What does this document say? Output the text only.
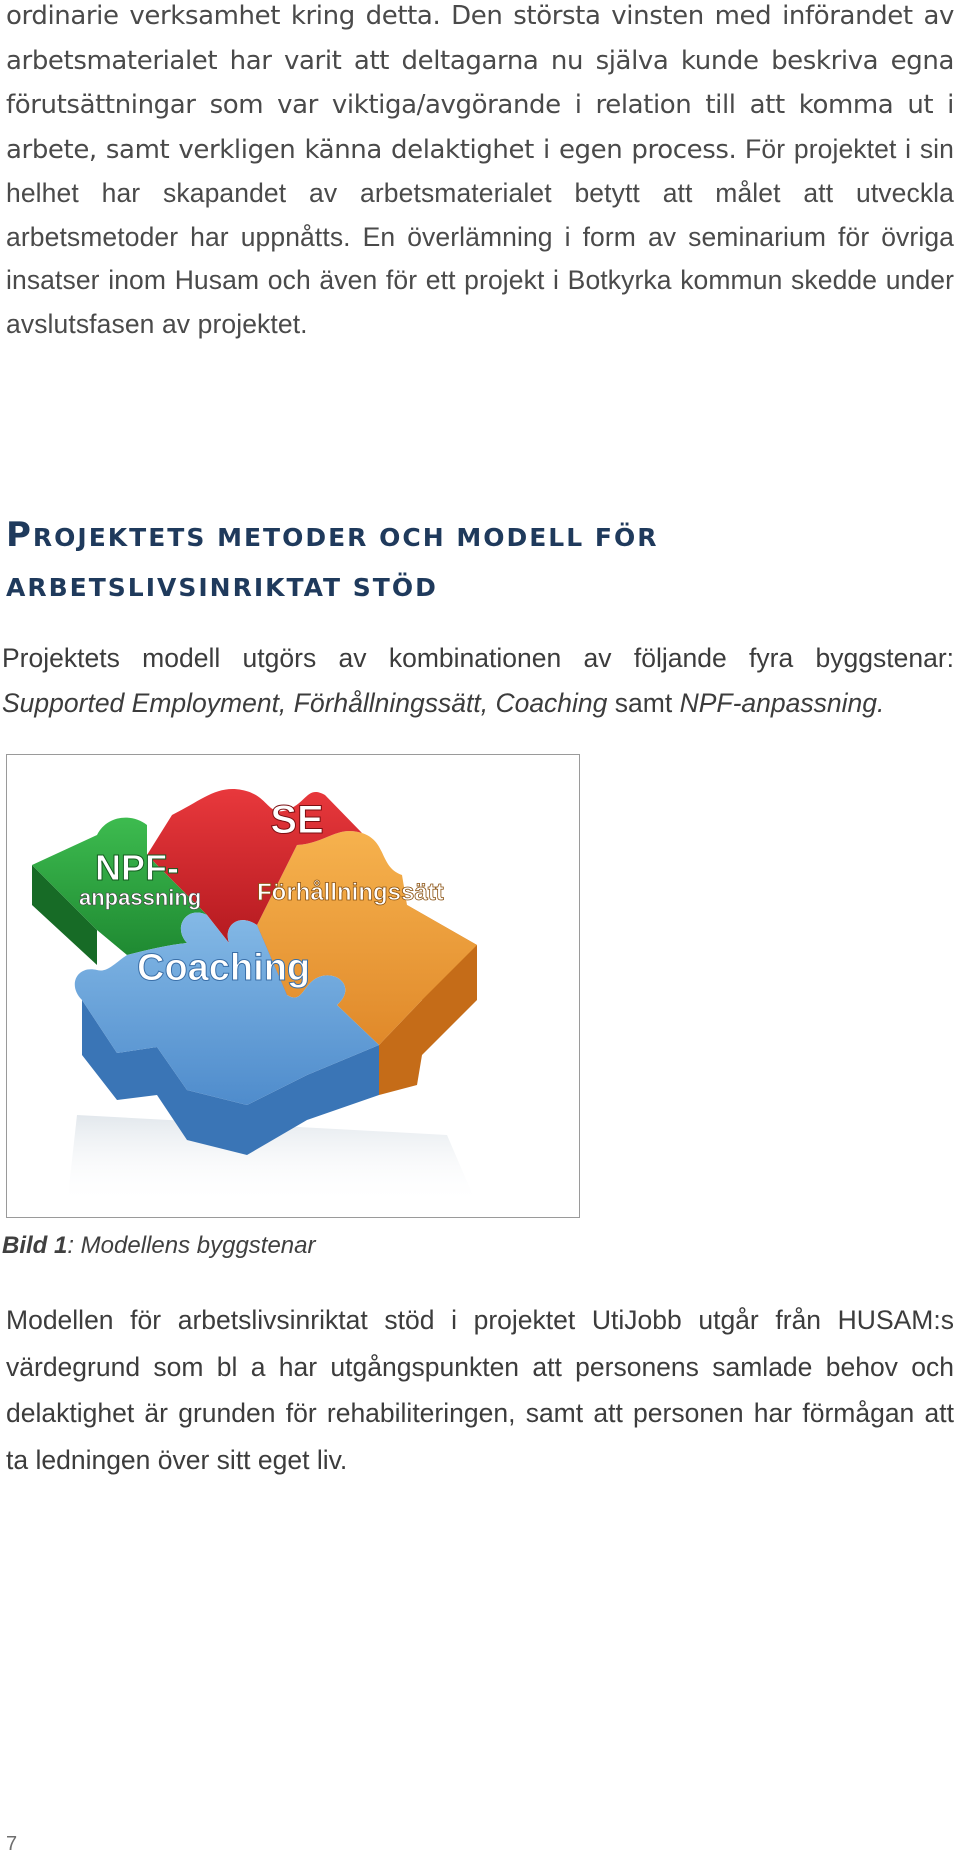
ordinarie verksamhet kring detta. Den största vinsten med införandet av arbetsmaterialet har varit att deltagarna nu själva kunde beskriva egna förutsättningar som var viktiga/avgörande i relation till att komma ut i arbete, samt verkligen känna delaktighet i egen process. För projektet i sin helhet har skapandet av arbetsmaterialet betytt att målet att utveckla arbetsmetoder har uppnåtts. En överlämning i form av seminarium för övriga insatser inom Husam och även för ett projekt i Botkyrka kommun skedde under avslutsfasen av projektet.

PROJEKTETS METODER OCH MODELL FÖR
ARBETSLIVSINRIKTAT STÖD

Projektets modell utgörs av kombinationen av följande fyra byggstenar: Supported Employment, Förhållningssätt, Coaching samt NPF-anpassning.

SE
NPF-
anpassning Förhållningssätt
Coaching

Bild 1: Modellens byggstenar

Modellen för arbetslivsinriktat stöd i projektet UtiJobb utgår från HUSAM:s värdegrund som bl a har utgångspunkten att personens samlade behov och delaktighet är grunden för rehabiliteringen, samt att personen har förmågan att ta ledningen över sitt eget liv.

7
